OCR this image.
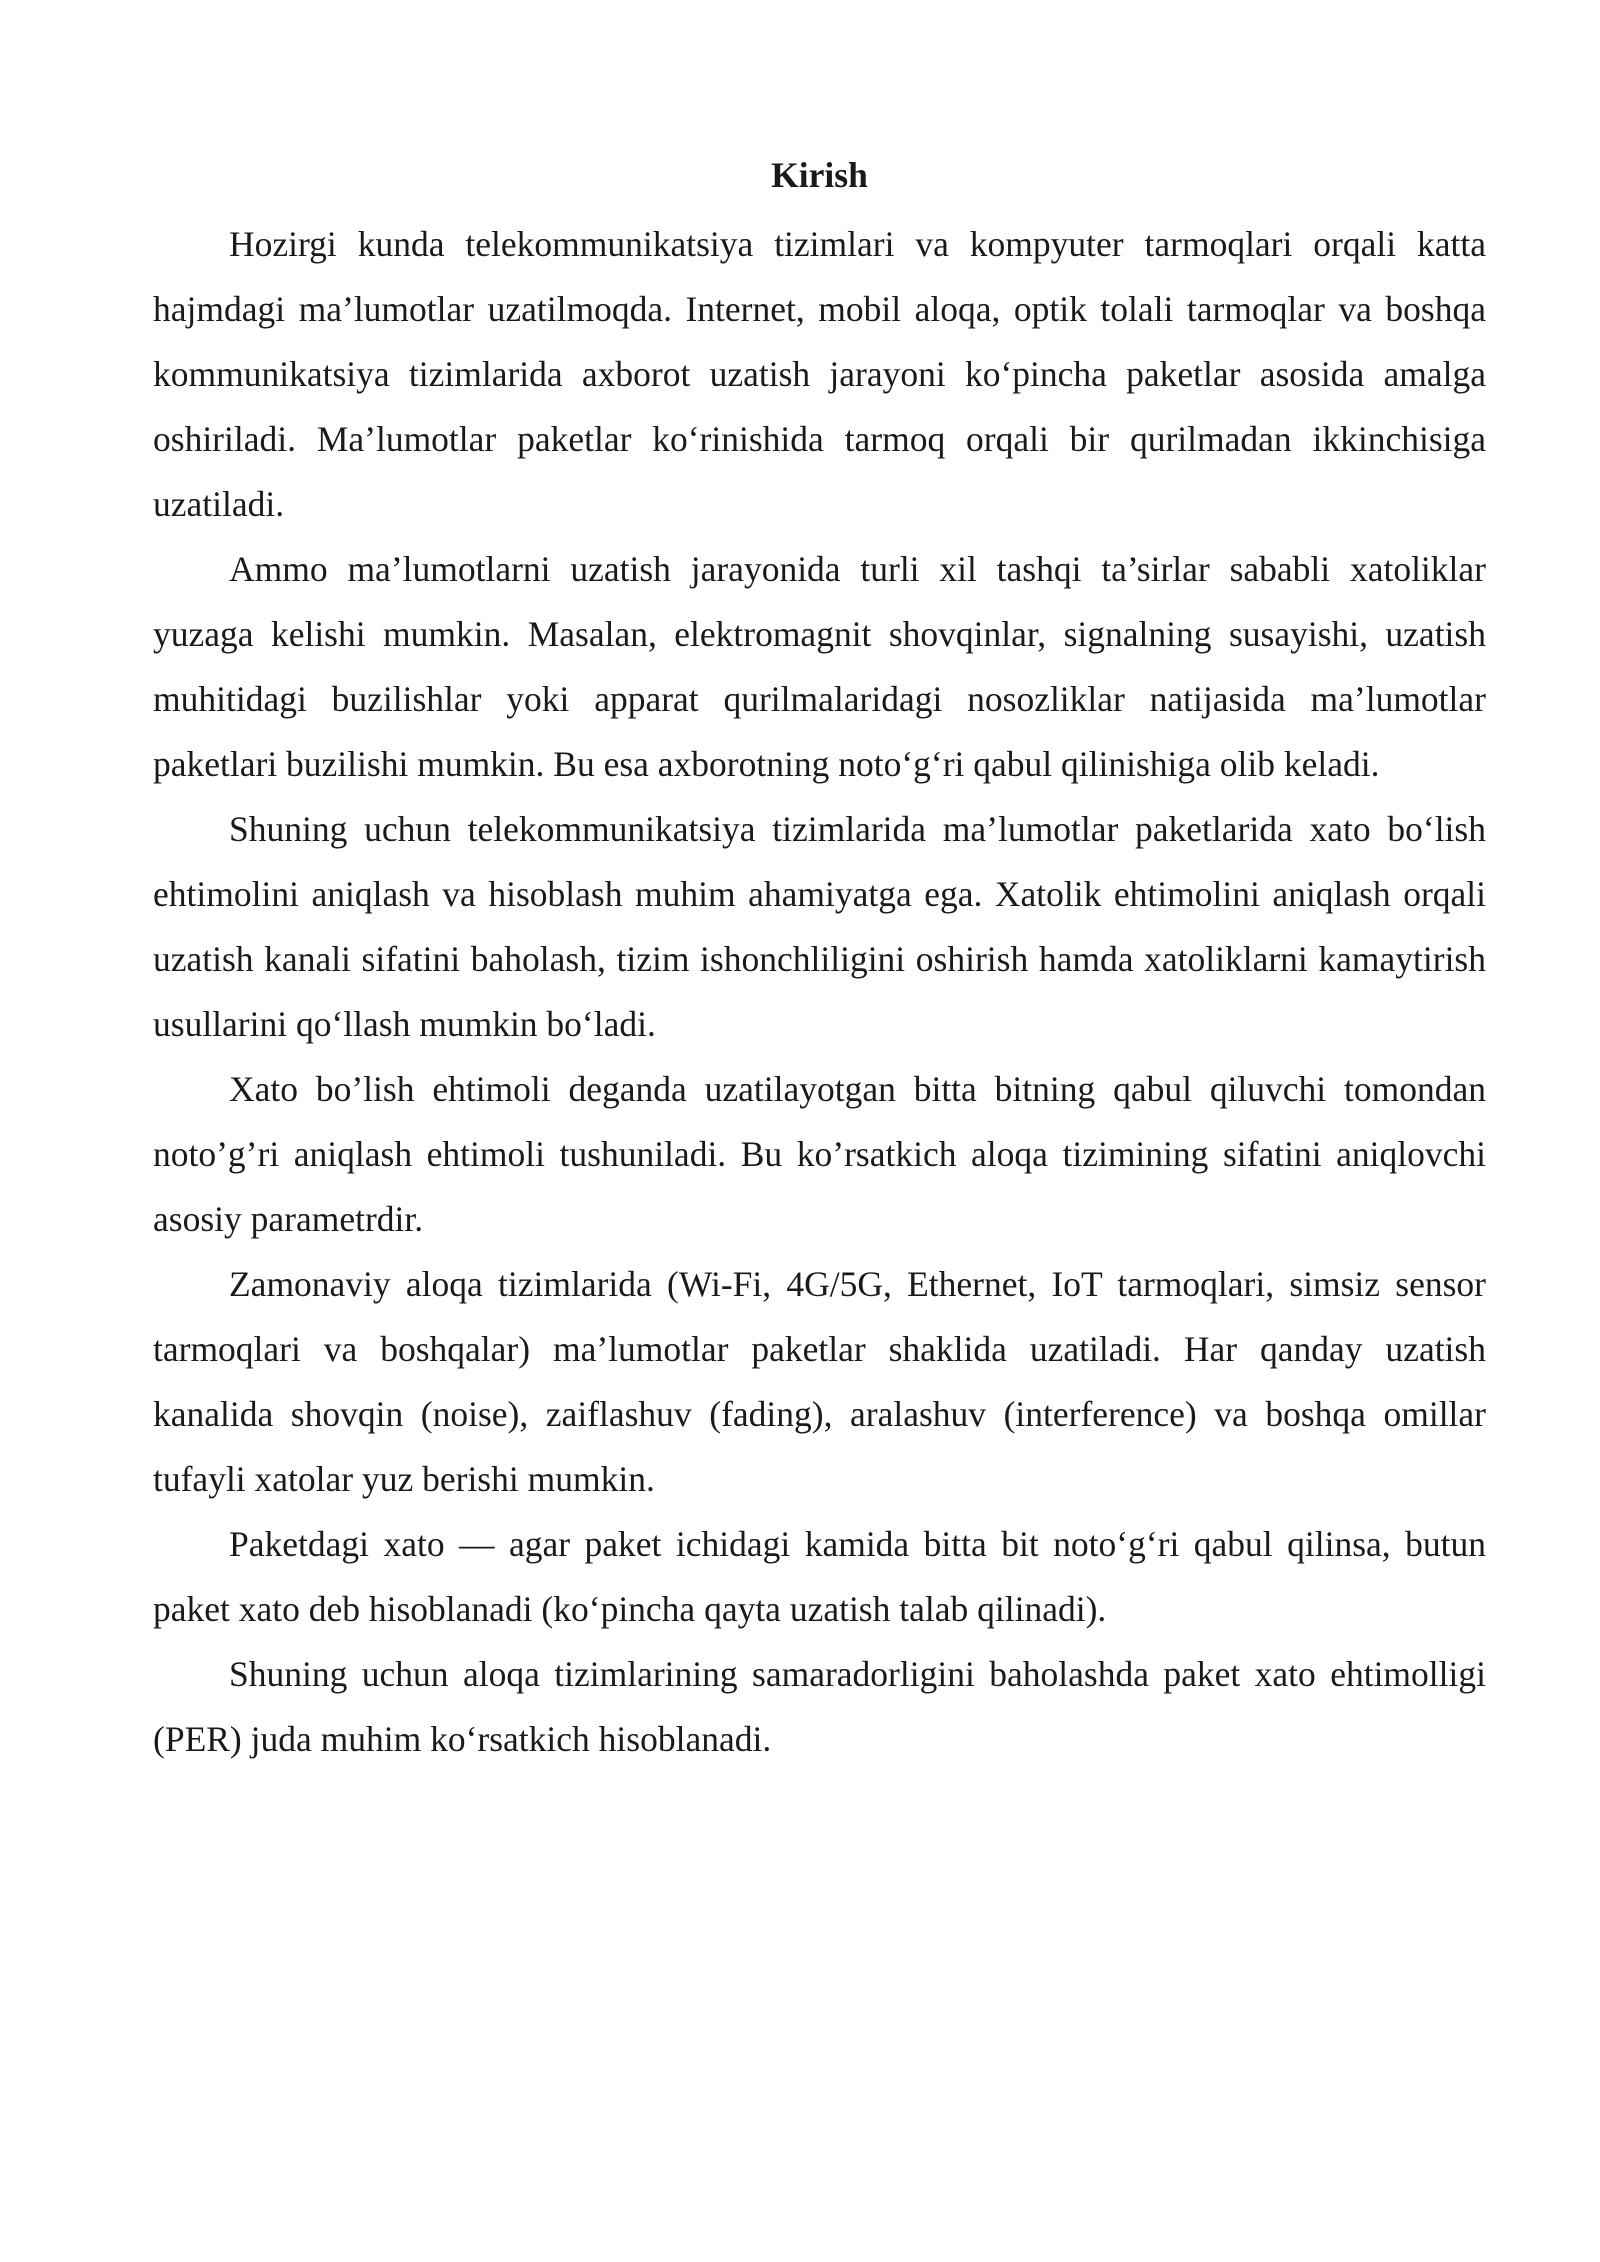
Kirish

Hozirgi kunda telekommunikatsiya tizimlari va kompyuter tarmoqlari orqali katta hajmdagi ma’lumotlar uzatilmoqda. Internet, mobil aloqa, optik tolali tarmoqlar va boshqa kommunikatsiya tizimlarida axborot uzatish jarayoni ko‘pincha paketlar asosida amalga oshiriladi. Ma’lumotlar paketlar ko‘rinishida tarmoq orqali bir qurilmadan ikkinchisiga uzatiladi.

Ammo ma’lumotlarni uzatish jarayonida turli xil tashqi ta’sirlar sababli xatoliklar yuzaga kelishi mumkin. Masalan, elektromagnit shovqinlar, signalning susayishi, uzatish muhitidagi buzilishlar yoki apparat qurilmalaridagi nosozliklar natijasida ma’lumotlar paketlari buzilishi mumkin. Bu esa axborotning noto‘g‘ri qabul qilinishiga olib keladi.

Shuning uchun telekommunikatsiya tizimlarida ma’lumotlar paketlarida xato bo‘lish ehtimolini aniqlash va hisoblash muhim ahamiyatga ega. Xatolik ehtimolini aniqlash orqali uzatish kanali sifatini baholash, tizim ishonchliligini oshirish hamda xatoliklarni kamaytirish usullarini qo‘llash mumkin bo‘ladi.

Xato bo’lish ehtimoli deganda uzatilayotgan bitta bitning qabul qiluvchi tomondan noto’g’ri aniqlash ehtimoli tushuniladi. Bu ko’rsatkich aloqa tizimining sifatini aniqlovchi asosiy parametrdir.

Zamonaviy aloqa tizimlarida (Wi-Fi, 4G/5G, Ethernet, IoT tarmoqlari, simsiz sensor tarmoqlari va boshqalar) ma’lumotlar paketlar shaklida uzatiladi. Har qanday uzatish kanalida shovqin (noise), zaiflashuv (fading), aralashuv (interference) va boshqa omillar tufayli xatolar yuz berishi mumkin.

Paketdagi xato — agar paket ichidagi kamida bitta bit noto‘g‘ri qabul qilinsa, butun paket xato deb hisoblanadi (ko‘pincha qayta uzatish talab qilinadi).

Shuning uchun aloqa tizimlarining samaradorligini baholashda paket xato ehtimolligi (PER) juda muhim ko‘rsatkich hisoblanadi.
